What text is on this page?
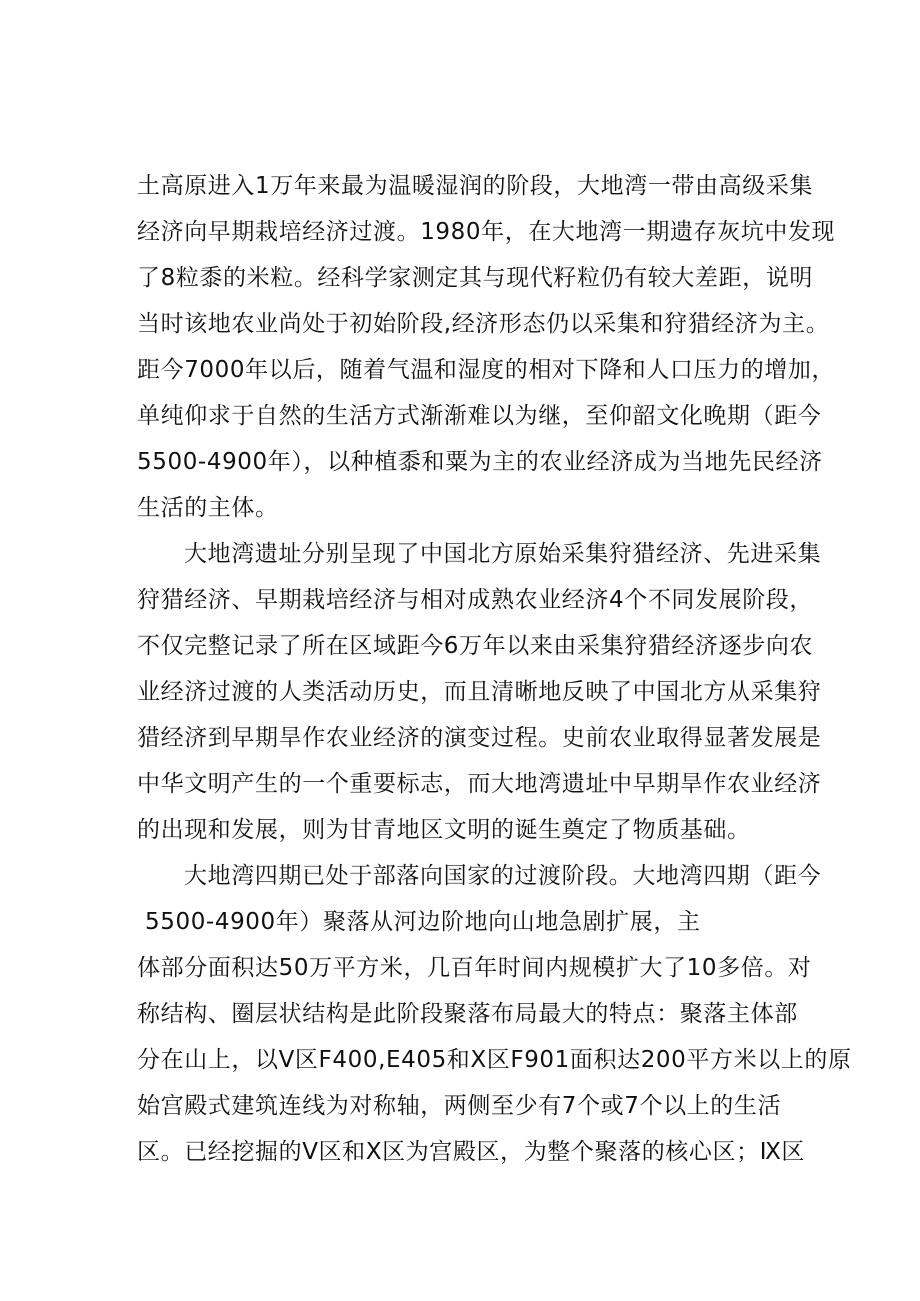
土高原进入1万年来最为温暖湿润的阶段，大地湾一带由高级采集
经济向早期栽培经济过渡。1980年，在大地湾一期遗存灰坑中发现
了8粒黍的米粒。经科学家测定其与现代籽粒仍有较大差距，说明
当时该地农业尚处于初始阶段,经济形态仍以采集和狩猎经济为主。
距今7000年以后，随着气温和湿度的相对下降和人口压力的增加，
单纯仰求于自然的生活方式渐渐难以为继，至仰韶文化晚期（距今
5500-4900年），以种植黍和粟为主的农业经济成为当地先民经济
生活的主体。
大地湾遗址分别呈现了中国北方原始采集狩猎经济、先进采集
狩猎经济、早期栽培经济与相对成熟农业经济4个不同发展阶段，
不仅完整记录了所在区域距今6万年以来由采集狩猎经济逐步向农
业经济过渡的人类活动历史，而且清晰地反映了中国北方从采集狩
猎经济到早期旱作农业经济的演变过程。史前农业取得显著发展是
中华文明产生的一个重要标志，而大地湾遗址中早期旱作农业经济
的出现和发展，则为甘青地区文明的诞生奠定了物质基础。
大地湾四期已处于部落向国家的过渡阶段。大地湾四期（距今
5500-4900年）聚落从河边阶地向山地急剧扩展，主
体部分面积达50万平方米，几百年时间内规模扩大了10多倍。对
称结构、圈层状结构是此阶段聚落布局最大的特点：聚落主体部
分在山上，以Ⅴ区F400,E405和Ⅹ区F901面积达200平方米以上的原
始宫殿式建筑连线为对称轴，两侧至少有7个或7个以上的生活
区。已经挖掘的Ⅴ区和Ⅹ区为宫殿区，为整个聚落的核心区；Ⅸ区
